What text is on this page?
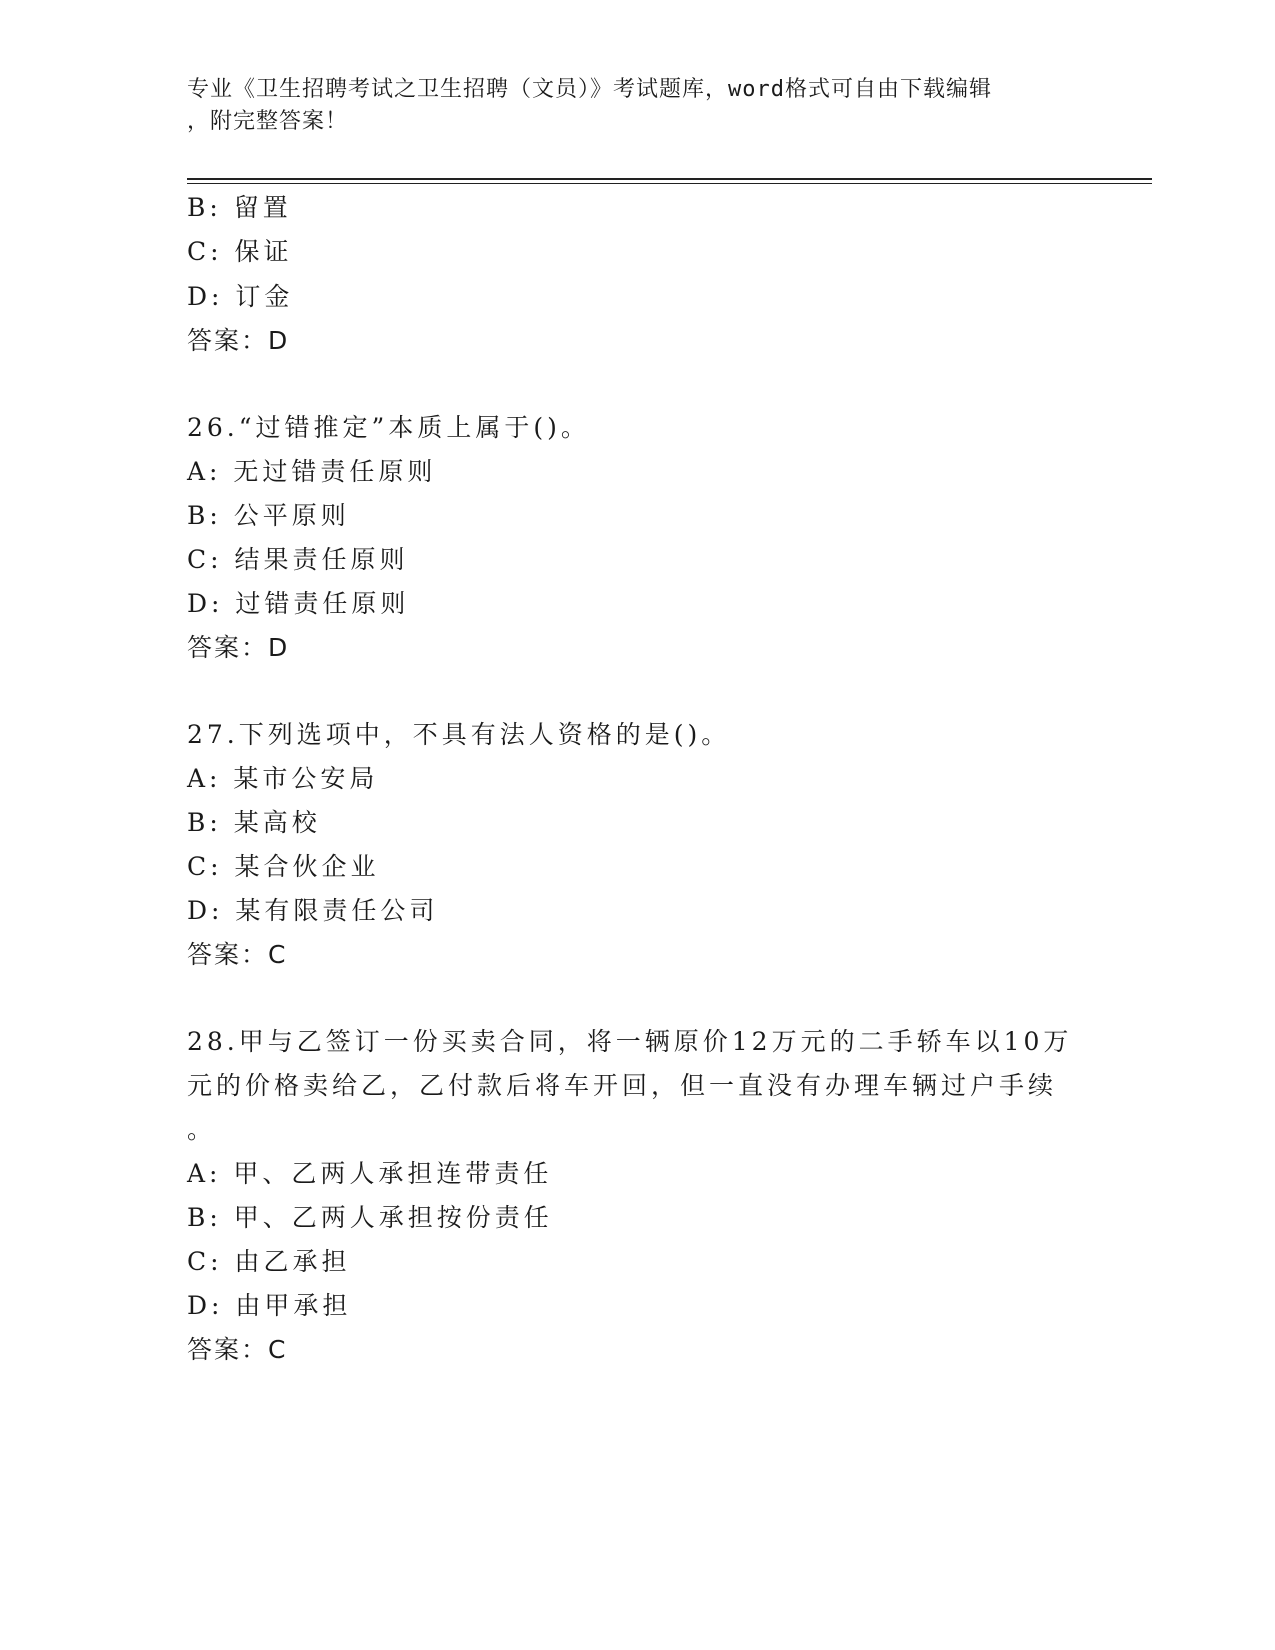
专业《卫生招聘考试之卫生招聘（文员）》考试题库，word格式可自由下载编辑
，附完整答案！
B: 留置
C: 保证
D: 订金
答案：D
26.“过错推定”本质上属于()。
A: 无过错责任原则
B: 公平原则
C: 结果责任原则
D: 过错责任原则
答案：D
27.下列选项中，不具有法人资格的是()。
A: 某市公安局
B: 某高校
C: 某合伙企业
D: 某有限责任公司
答案：C
28.甲与乙签订一份买卖合同，将一辆原价12万元的二手轿车以10万
元的价格卖给乙，乙付款后将车开回，但一直没有办理车辆过户手续
。
A: 甲、乙两人承担连带责任
B: 甲、乙两人承担按份责任
C: 由乙承担
D: 由甲承担
答案：C
